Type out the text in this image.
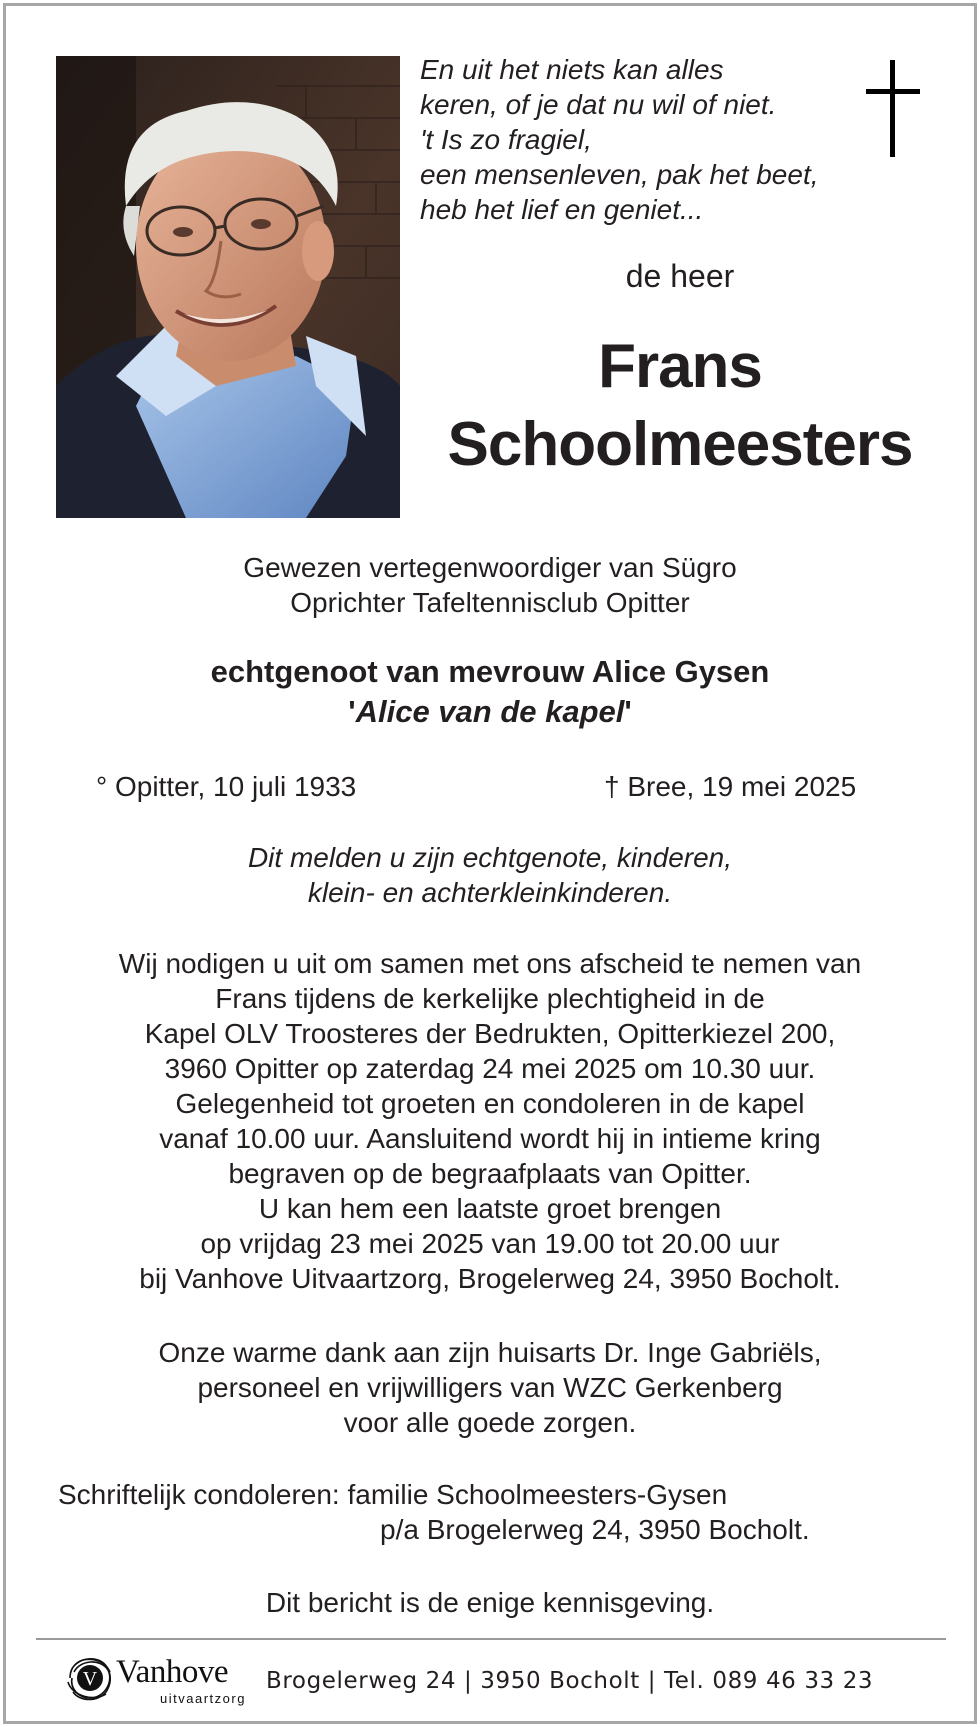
En uit het niets kan alles
keren, of je dat nu wil of niet.
't Is zo fragiel,
een mensenleven, pak het beet,
heb het lief en geniet...
de heer
Frans
Schoolmeesters
Gewezen vertegenwoordiger van Sügro
Oprichter Tafeltennisclub Opitter
echtgenoot van mevrouw Alice Gysen
'Alice van de kapel'
° Opitter, 10 juli 1933	† Bree, 19 mei 2025
Dit melden u zijn echtgenote, kinderen,
klein- en achterkleinkinderen.
Wij nodigen u uit om samen met ons afscheid te nemen van
Frans tijdens de kerkelijke plechtigheid in de
Kapel OLV Troosteres der Bedrukten, Opitterkiezel 200,
3960 Opitter op zaterdag 24 mei 2025 om 10.30 uur.
Gelegenheid tot groeten en condoleren in de kapel
vanaf 10.00 uur. Aansluitend wordt hij in intieme kring
begraven op de begraafplaats van Opitter.
U kan hem een laatste groet brengen
op vrijdag 23 mei 2025 van 19.00 tot 20.00 uur
bij Vanhove Uitvaartzorg, Brogelerweg 24, 3950 Bocholt.
Onze warme dank aan zijn huisarts Dr. Inge Gabriëls,
personeel en vrijwilligers van WZC Gerkenberg
voor alle goede zorgen.
Schriftelijk condoleren: familie Schoolmeesters-Gysen
p/a Brogelerweg 24, 3950 Bocholt.
Dit bericht is de enige kennisgeving.
V Vanhove
uitvaartzorg
Brogelerweg 24 | 3950 Bocholt | Tel. 089 46 33 23
